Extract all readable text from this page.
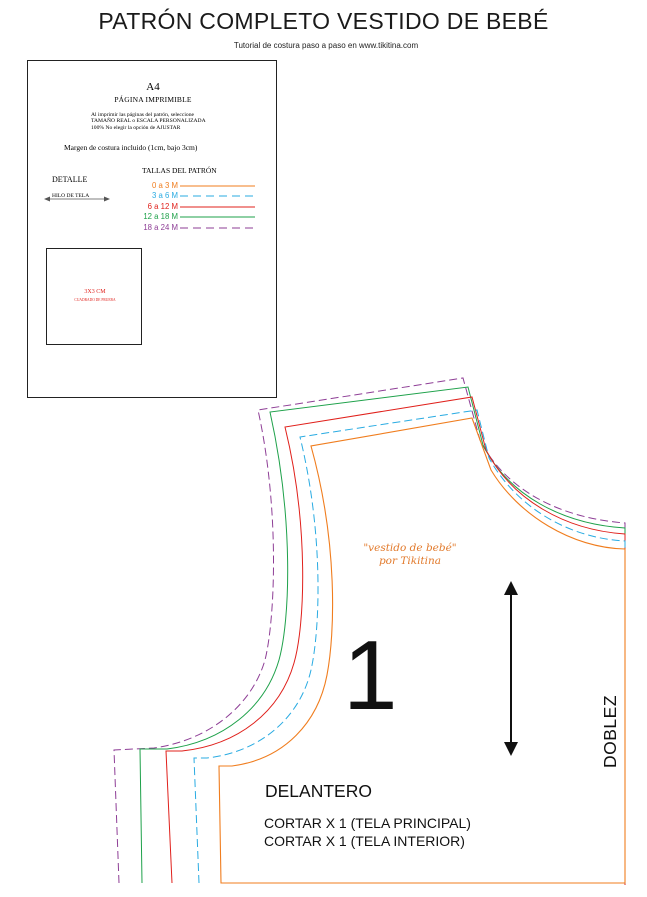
PATRÓN COMPLETO VESTIDO DE BEBÉ
Tutorial de costura paso a paso en www.tikitina.com
A4
PÁGINA IMPRIMIBLE
Al imprimir las páginas del patrón, seleccione
TAMAÑO REAL o ESCALA PERSONALIZADA
100% No elegir la opción de AJUSTAR
Margen de costura incluido (1cm, bajo 3cm)
TALLAS DEL PATRÓN
DETALLE
HILO DE TELA
0 a 3 M
3 a 6 M
6 a 12 M
12 a 18 M
18 a 24 M
3X3 CM
CUADRADO DE PRUEBA
"vestido de bebé"
por Tikitina
1
DELANTERO
CORTAR X 1 (TELA PRINCIPAL)
CORTAR X 1 (TELA INTERIOR)
DOBLEZ
